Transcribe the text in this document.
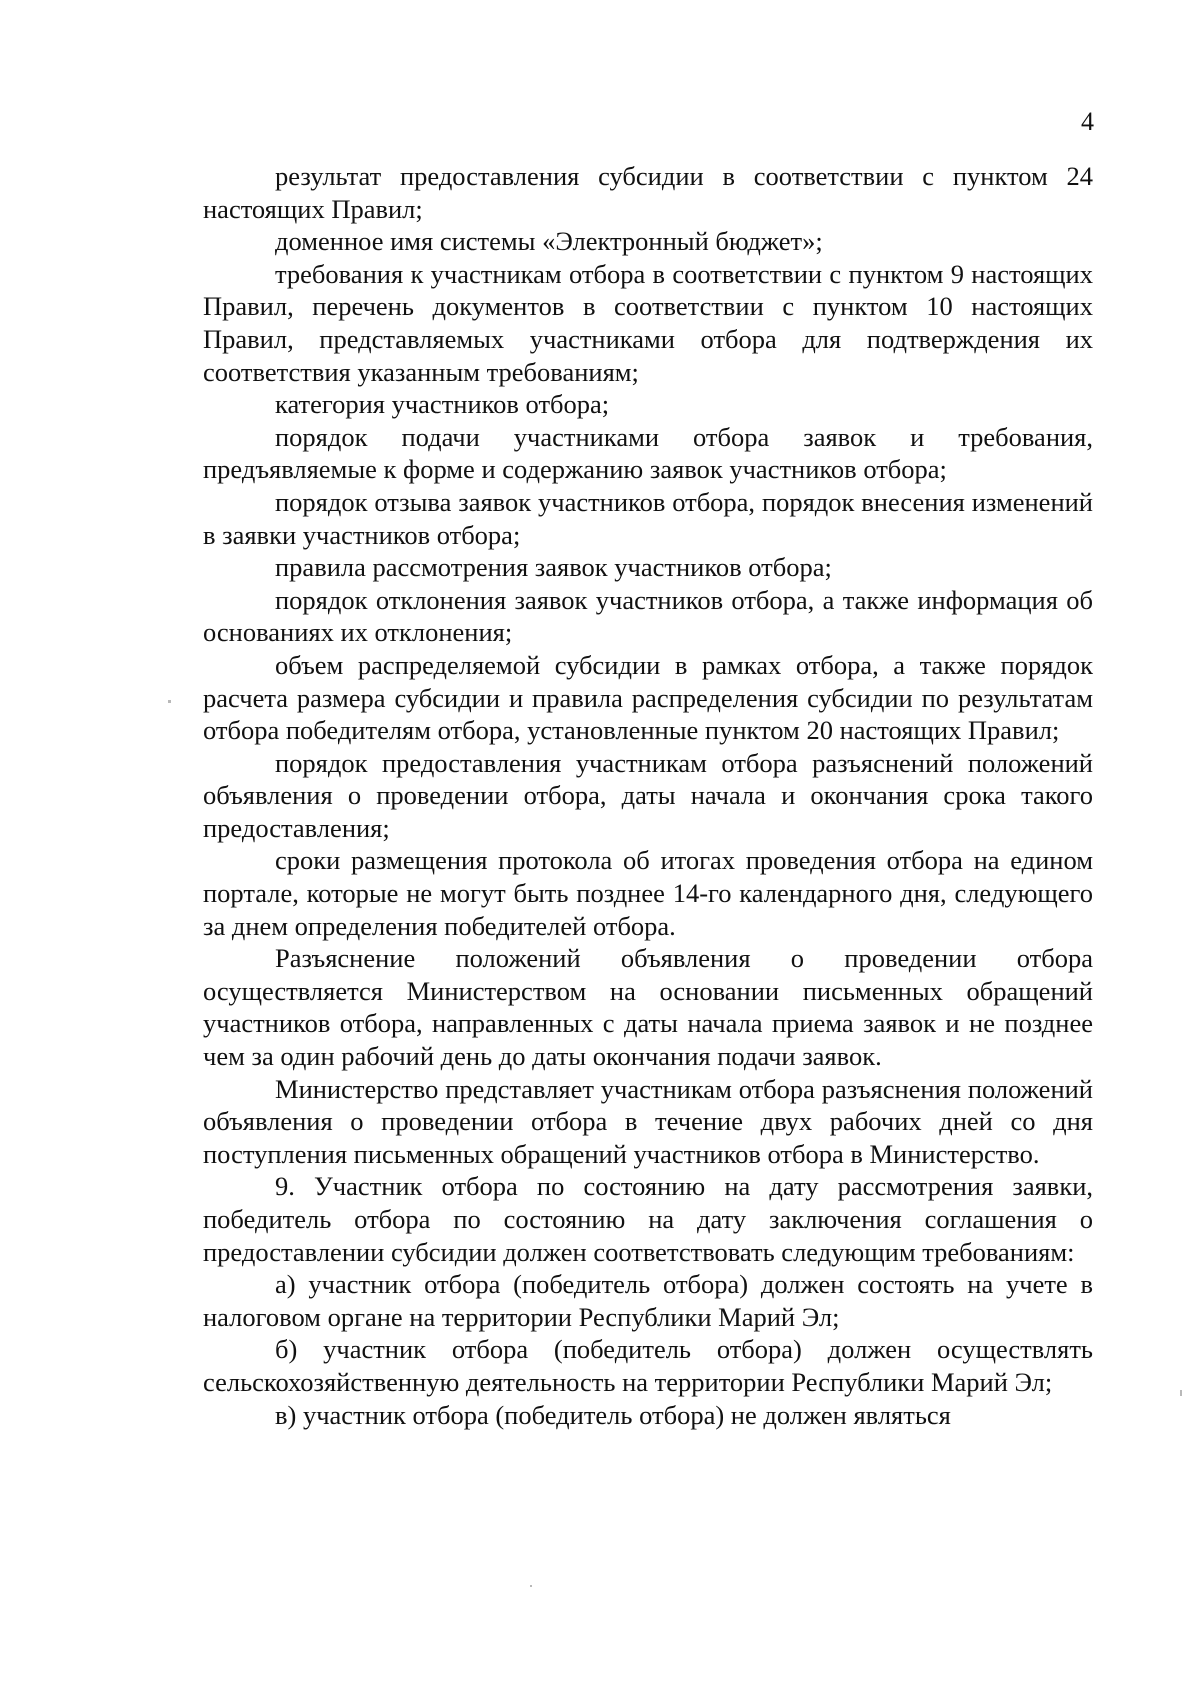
4

результат предоставления субсидии в соответствии с пунктом 24 настоящих Правил;

доменное имя системы «Электронный бюджет»;

требования к участникам отбора в соответствии с пунктом 9 настоящих Правил, перечень документов в соответствии с пунктом 10 настоящих Правил, представляемых участниками отбора для подтверждения их соответствия указанным требованиям;

категория участников отбора;

порядок подачи участниками отбора заявок и требования, предъявляемые к форме и содержанию заявок участников отбора;

порядок отзыва заявок участников отбора, порядок внесения изменений в заявки участников отбора;

правила рассмотрения заявок участников отбора;

порядок отклонения заявок участников отбора, а также информация об основаниях их отклонения;

объем распределяемой субсидии в рамках отбора, а также порядок расчета размера субсидии и правила распределения субсидии по результатам отбора победителям отбора, установленные пунктом 20 настоящих Правил;

порядок предоставления участникам отбора разъяснений положений объявления о проведении отбора, даты начала и окончания срока такого предоставления;

сроки размещения протокола об итогах проведения отбора на едином портале, которые не могут быть позднее 14-го календарного дня, следующего за днем определения победителей отбора.

Разъяснение положений объявления о проведении отбора осуществляется Министерством на основании письменных обращений участников отбора, направленных с даты начала приема заявок и не позднее чем за один рабочий день до даты окончания подачи заявок.

Министерство представляет участникам отбора разъяснения положений объявления о проведении отбора в течение двух рабочих дней со дня поступления письменных обращений участников отбора в Министерство.

9. Участник отбора по состоянию на дату рассмотрения заявки, победитель отбора по состоянию на дату заключения соглашения о предоставлении субсидии должен соответствовать следующим требованиям:

а) участник отбора (победитель отбора) должен состоять на учете в налоговом органе на территории Республики Марий Эл;

б) участник отбора (победитель отбора) должен осуществлять сельскохозяйственную деятельность на территории Республики Марий Эл;

в) участник отбора (победитель отбора) не должен являться
